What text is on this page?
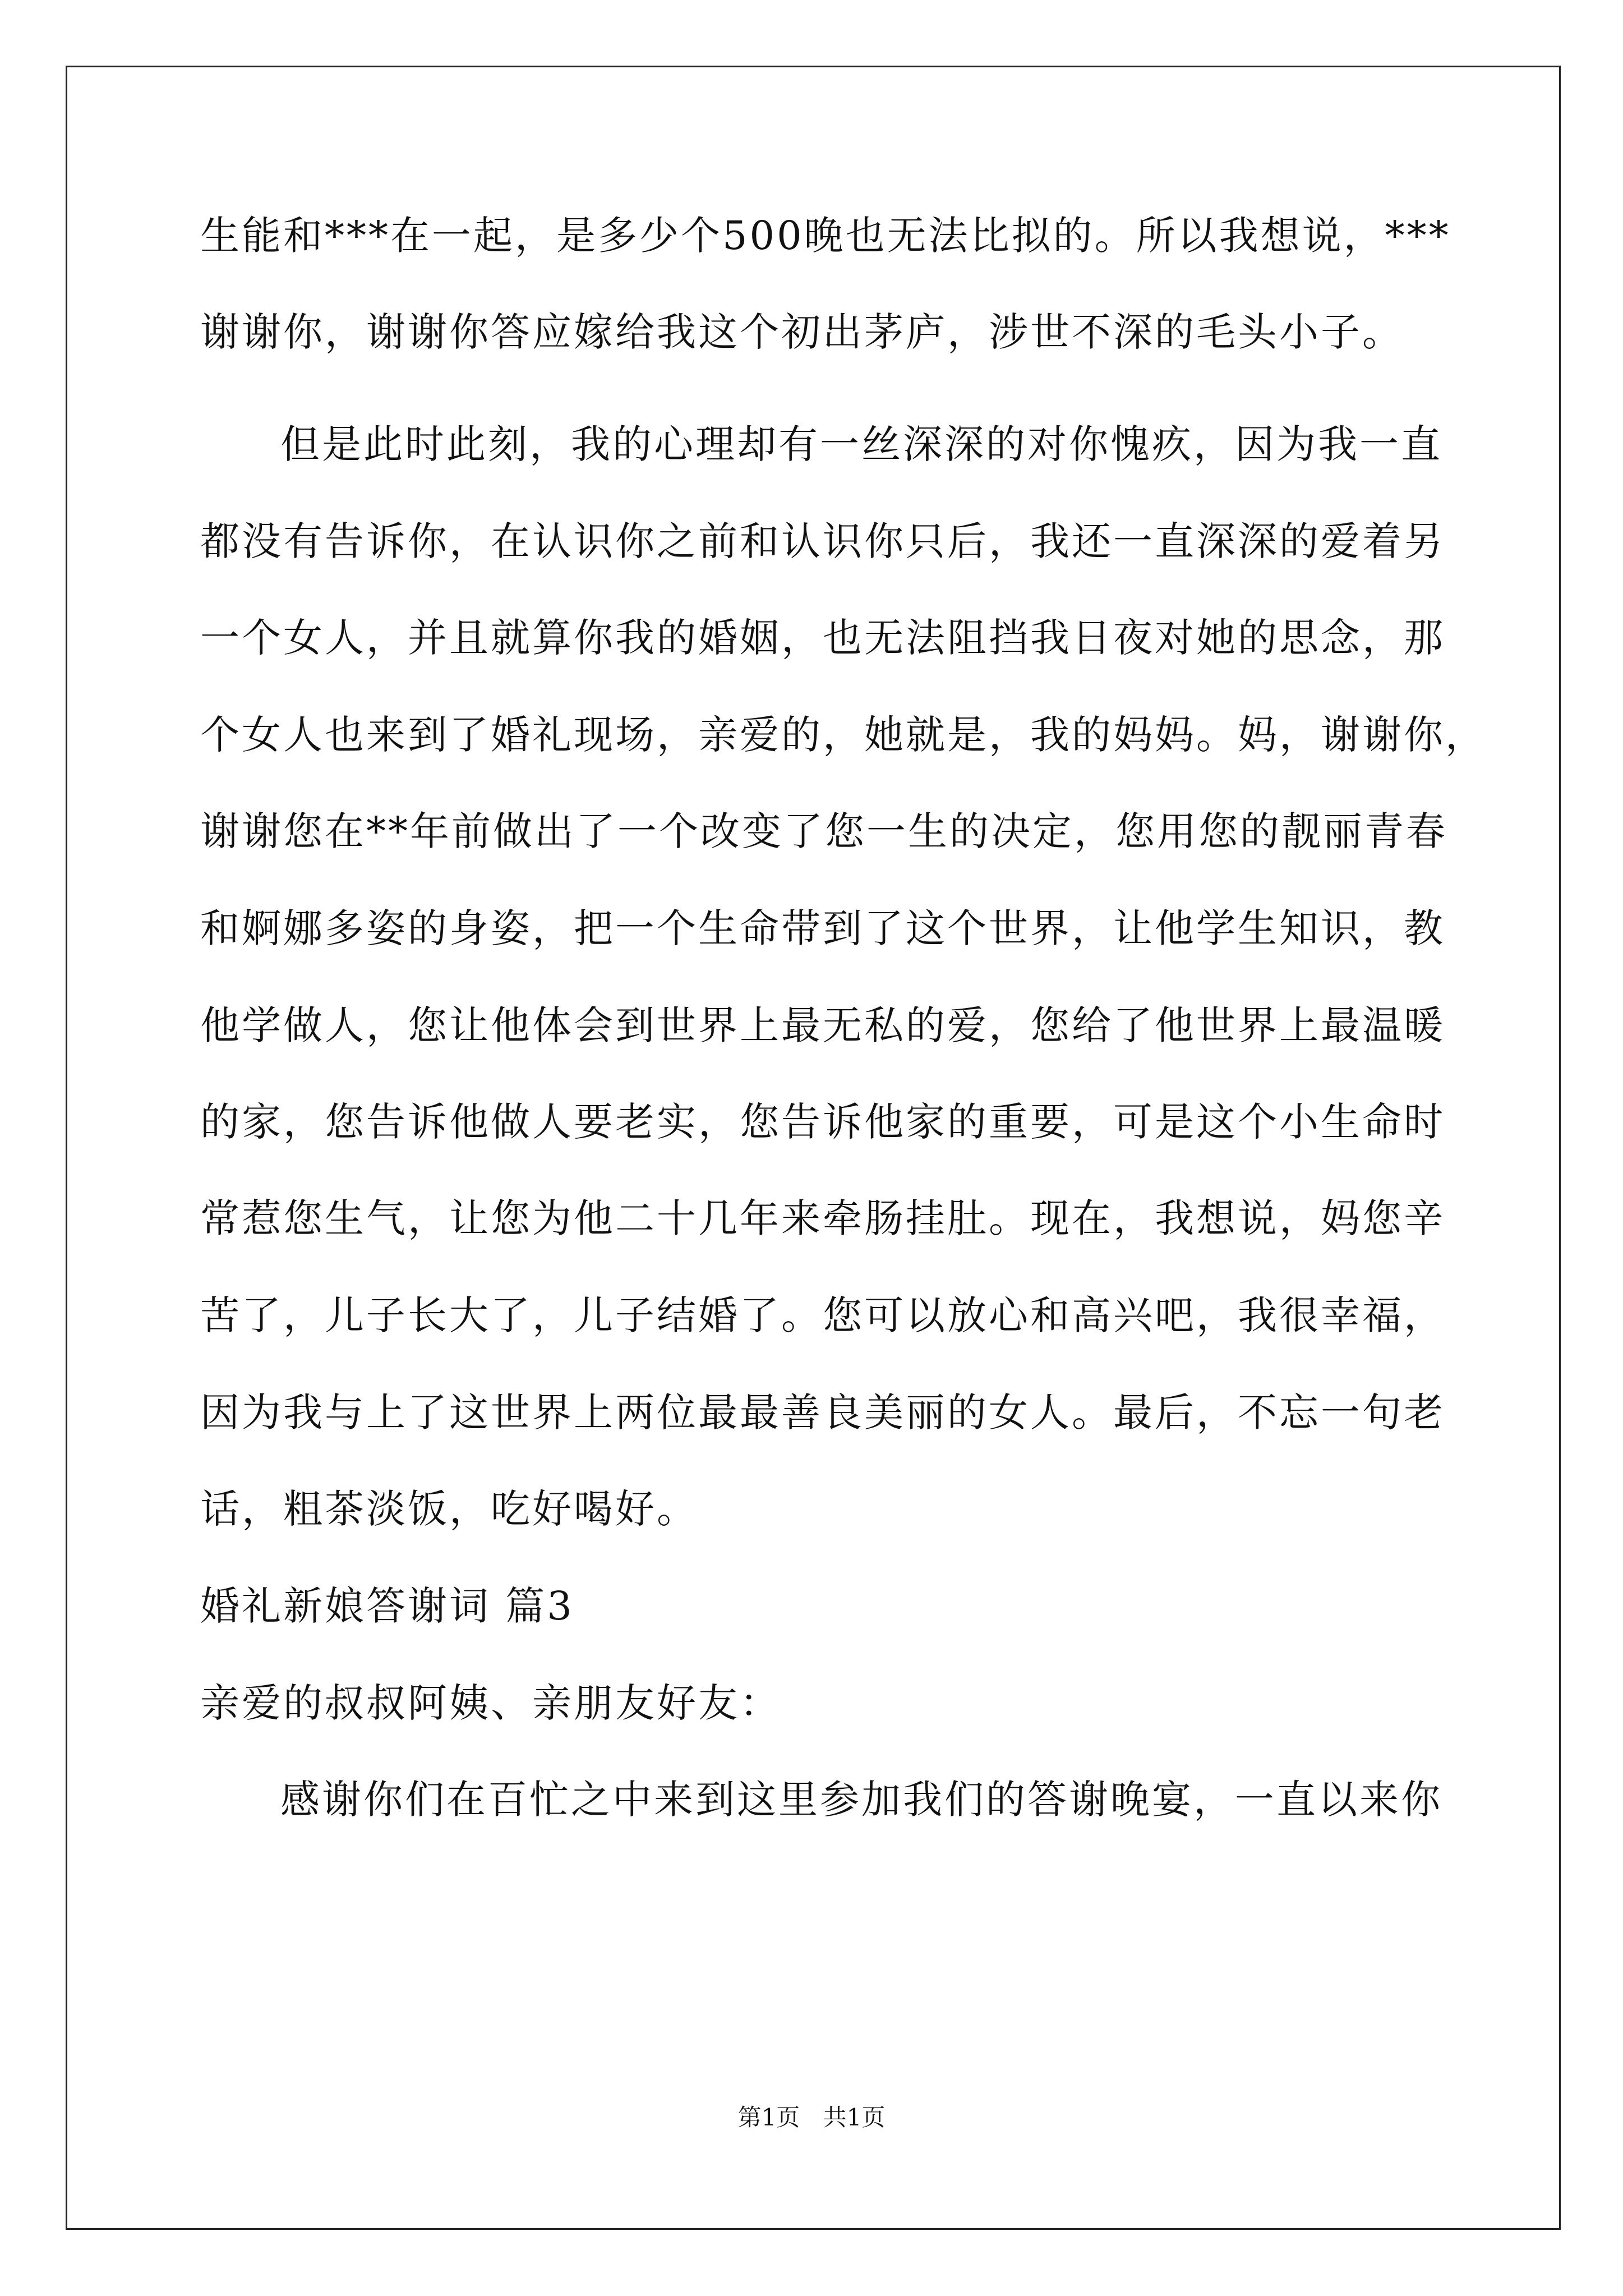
生能和***在一起，是多少个500晚也无法比拟的。所以我想说，***
谢谢你，谢谢你答应嫁给我这个初出茅庐，涉世不深的毛头小子。
但是此时此刻，我的心理却有一丝深深的对你愧疚，因为我一直
都没有告诉你，在认识你之前和认识你只后，我还一直深深的爱着另
一个女人，并且就算你我的婚姻，也无法阻挡我日夜对她的思念，那
个女人也来到了婚礼现场，亲爱的，她就是，我的妈妈。妈，谢谢你，
谢谢您在**年前做出了一个改变了您一生的决定，您用您的靓丽青春
和婀娜多姿的身姿，把一个生命带到了这个世界，让他学生知识，教
他学做人，您让他体会到世界上最无私的爱，您给了他世界上最温暖
的家，您告诉他做人要老实，您告诉他家的重要，可是这个小生命时
常惹您生气，让您为他二十几年来牵肠挂肚。现在，我想说，妈您辛
苦了，儿子长大了，儿子结婚了。您可以放心和高兴吧，我很幸福，
因为我与上了这世界上两位最最善良美丽的女人。最后，不忘一句老
话，粗茶淡饭，吃好喝好。
婚礼新娘答谢词 篇3
亲爱的叔叔阿姨、亲朋友好友：
感谢你们在百忙之中来到这里参加我们的答谢晚宴，一直以来你
第1页 共1页
